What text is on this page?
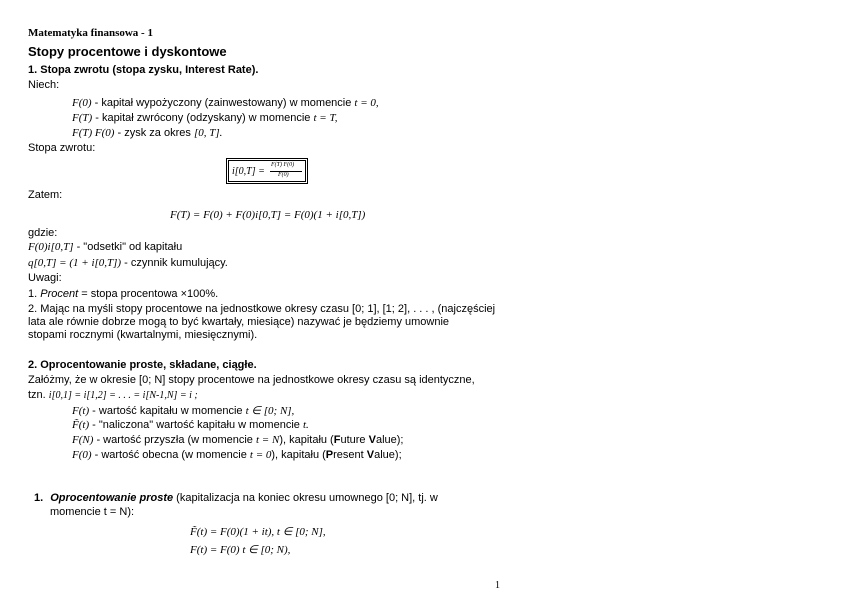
Matematyka finansowa - 1
Stopy procentowe i dyskontowe
1. Stopa zwrotu (stopa zysku, Interest Rate).
Niech:
F(0) - kapitał wypożyczony (zainwestowany) w momencie t = 0,
F(T) - kapitał zwrócony (odzyskany) w momencie t = T,
F(T) F(0) - zysk za okres [0, T].
Stopa zwrotu:
i[0,T] =
F(T) F(0)
F(0)
Zatem:
F(T) = F(0) + F(0)i[0,T] = F(0)(1 + i[0,T])
gdzie:
F(0)i[0,T] - "odsetki" od kapitału
q[0,T] = (1 + i[0,T]) - czynnik kumulujący.
Uwagi:
1. Procent = stopa procentowa ×100%.
2. Mając na myśli stopy procentowe na jednostkowe okresy czasu [0; 1], [1; 2], . . . , (najczęściej
lata ale równie dobrze mogą to być kwartały, miesiące) nazywać je będziemy umownie
stopami rocznymi (kwartalnymi, miesięcznymi).
2. Oprocentowanie proste, składane, ciągłe.
Załóżmy, że w okresie [0; N] stopy procentowe na jednostkowe okresy czasu są identyczne,
tzn. i[0,1] = i[1,2] = . . . = i[N-1,N] = i ;
F(t) - wartość kapitału w momencie t ∈ [0; N],
F̃(t) - "naliczona" wartość kapitału w momencie t.
F(N) - wartość przyszła (w momencie t = N), kapitału (Future Value);
F(0) - wartość obecna (w momencie t = 0), kapitału (Present Value);
1. Oprocentowanie proste (kapitalizacja na koniec okresu umownego [0; N], tj. w
momencie t = N):
F̃(t) = F(0)(1 + it), t ∈ [0; N],
F(t) = F(0) t ∈ [0; N),
1
